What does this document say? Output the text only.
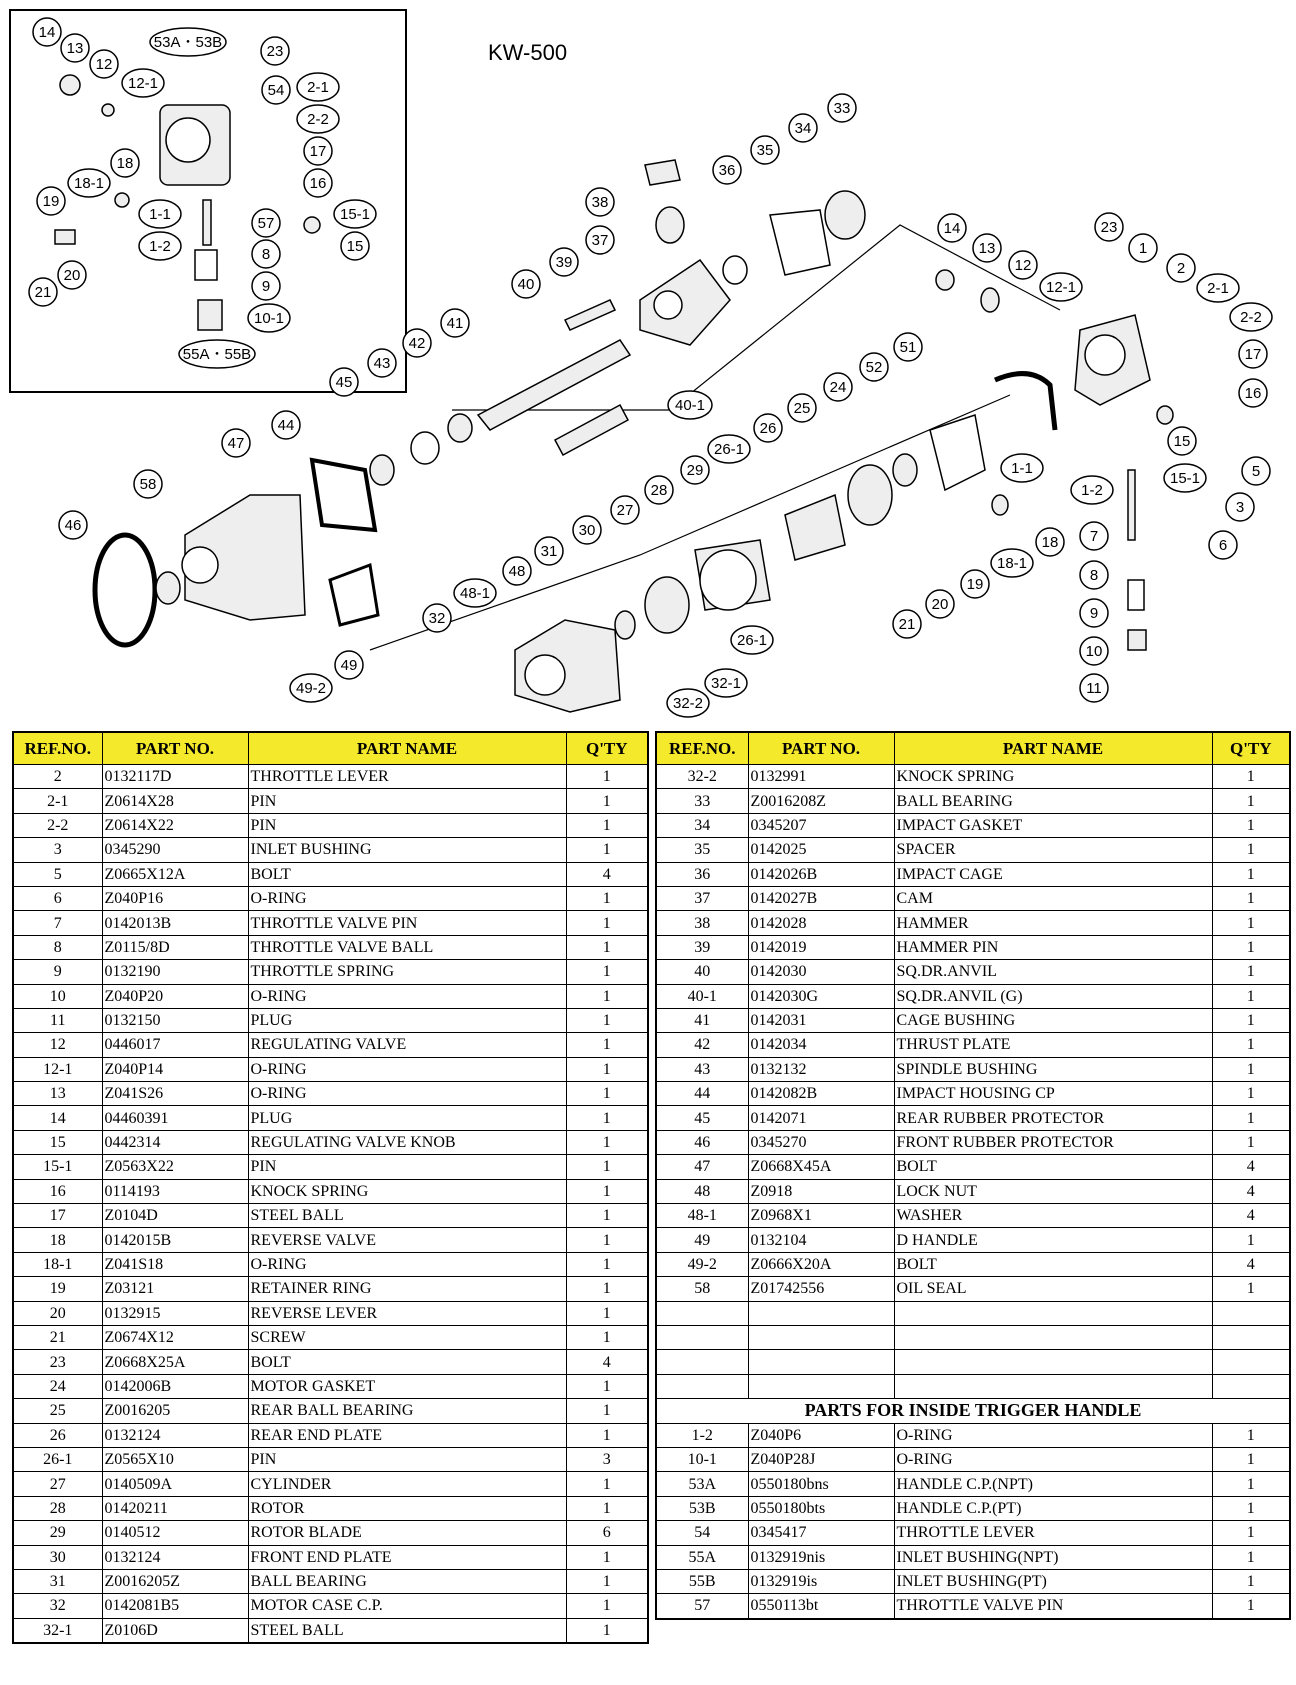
14
13
12
12-1
53A・53B
23
54 2-1
2-2
17
16
18
18-1
19
1-1
1-2
15-1
15
57
8
9
10-1
21
20
55A・55B
38
36
35
34
33
37
39
40
40-1
41
42
43
45
44
47
58
46
48
48-1
31
30
27
28
29
26-1
26
25
24
52
51
32
49
49-2
26-1
32-1
32-2
14
13
12
12-1
23
1
2
2-1
2-2
17
16
15
15-1	5
3
6
1-1
1-2
18
18-1
19
20
21
7
8
9
10
11
KW-500
REF.NO.	PART NO.	PART NAME	Q'TY
2	0132117D	THROTTLE LEVER	1
2-1	Z0614X28	PIN	1
2-2	Z0614X22	PIN	1
3	0345290	INLET BUSHING	1
5	Z0665X12A	BOLT	4
6	Z040P16	O-RING	1
7	0142013B	THROTTLE VALVE PIN	1
8	Z0115/8D	THROTTLE VALVE BALL	1
9	0132190	THROTTLE SPRING	1
10	Z040P20	O-RING	1
11	0132150	PLUG	1
12	0446017	REGULATING VALVE	1
12-1	Z040P14	O-RING	1
13	Z041S26	O-RING	1
14	04460391	PLUG	1
15	0442314	REGULATING VALVE KNOB	1
15-1	Z0563X22	PIN	1
16	0114193	KNOCK SPRING	1
17	Z0104D	STEEL BALL	1
18	0142015B	REVERSE VALVE	1
18-1	Z041S18	O-RING	1
19	Z03121	RETAINER RING	1
20	0132915	REVERSE LEVER	1
21	Z0674X12	SCREW	1
23	Z0668X25A	BOLT	4
24	0142006B	MOTOR GASKET	1
25	Z0016205	REAR BALL BEARING	1
26	0132124	REAR END PLATE	1
26-1	Z0565X10	PIN	3
27	0140509A	CYLINDER	1
28	01420211	ROTOR	1
29	0140512	ROTOR BLADE	6
30	0132124	FRONT END PLATE	1
31	Z0016205Z	BALL BEARING	1
32	0142081B5	MOTOR CASE C.P.	1
32-1	Z0106D	STEEL BALL	1
REF.NO.	PART NO.	PART NAME	Q'TY
32-2	0132991	KNOCK SPRING	1
33	Z0016208Z	BALL BEARING	1
34	0345207	IMPACT GASKET	1
35	0142025	SPACER	1
36	0142026B	IMPACT CAGE	1
37	0142027B	CAM	1
38	0142028	HAMMER	1
39	0142019	HAMMER PIN	1
40	0142030	SQ.DR.ANVIL	1
40-1	0142030G	SQ.DR.ANVIL (G)	1
41	0142031	CAGE BUSHING	1
42	0142034	THRUST PLATE	1
43	0132132	SPINDLE BUSHING	1
44	0142082B	IMPACT HOUSING CP	1
45	0142071	REAR RUBBER PROTECTOR	1
46	0345270	FRONT RUBBER PROTECTOR	1
47	Z0668X45A	BOLT	4
48	Z0918	LOCK NUT	4
48-1	Z0968X1	WASHER	4
49	0132104	D HANDLE	1
49-2	Z0666X20A	BOLT	4
58	Z01742556	OIL SEAL	1

PARTS FOR INSIDE TRIGGER HANDLE			
1-2	Z040P6	O-RING	1
10-1	Z040P28J	O-RING	1
53A	0550180bns	HANDLE C.P.(NPT)	1
53B	0550180bts	HANDLE C.P.(PT)	1
54	0345417	THROTTLE LEVER	1
55A	0132919nis	INLET BUSHING(NPT)	1
55B	0132919is	INLET BUSHING(PT)	1
57	0550113bt	THROTTLE VALVE PIN	1
